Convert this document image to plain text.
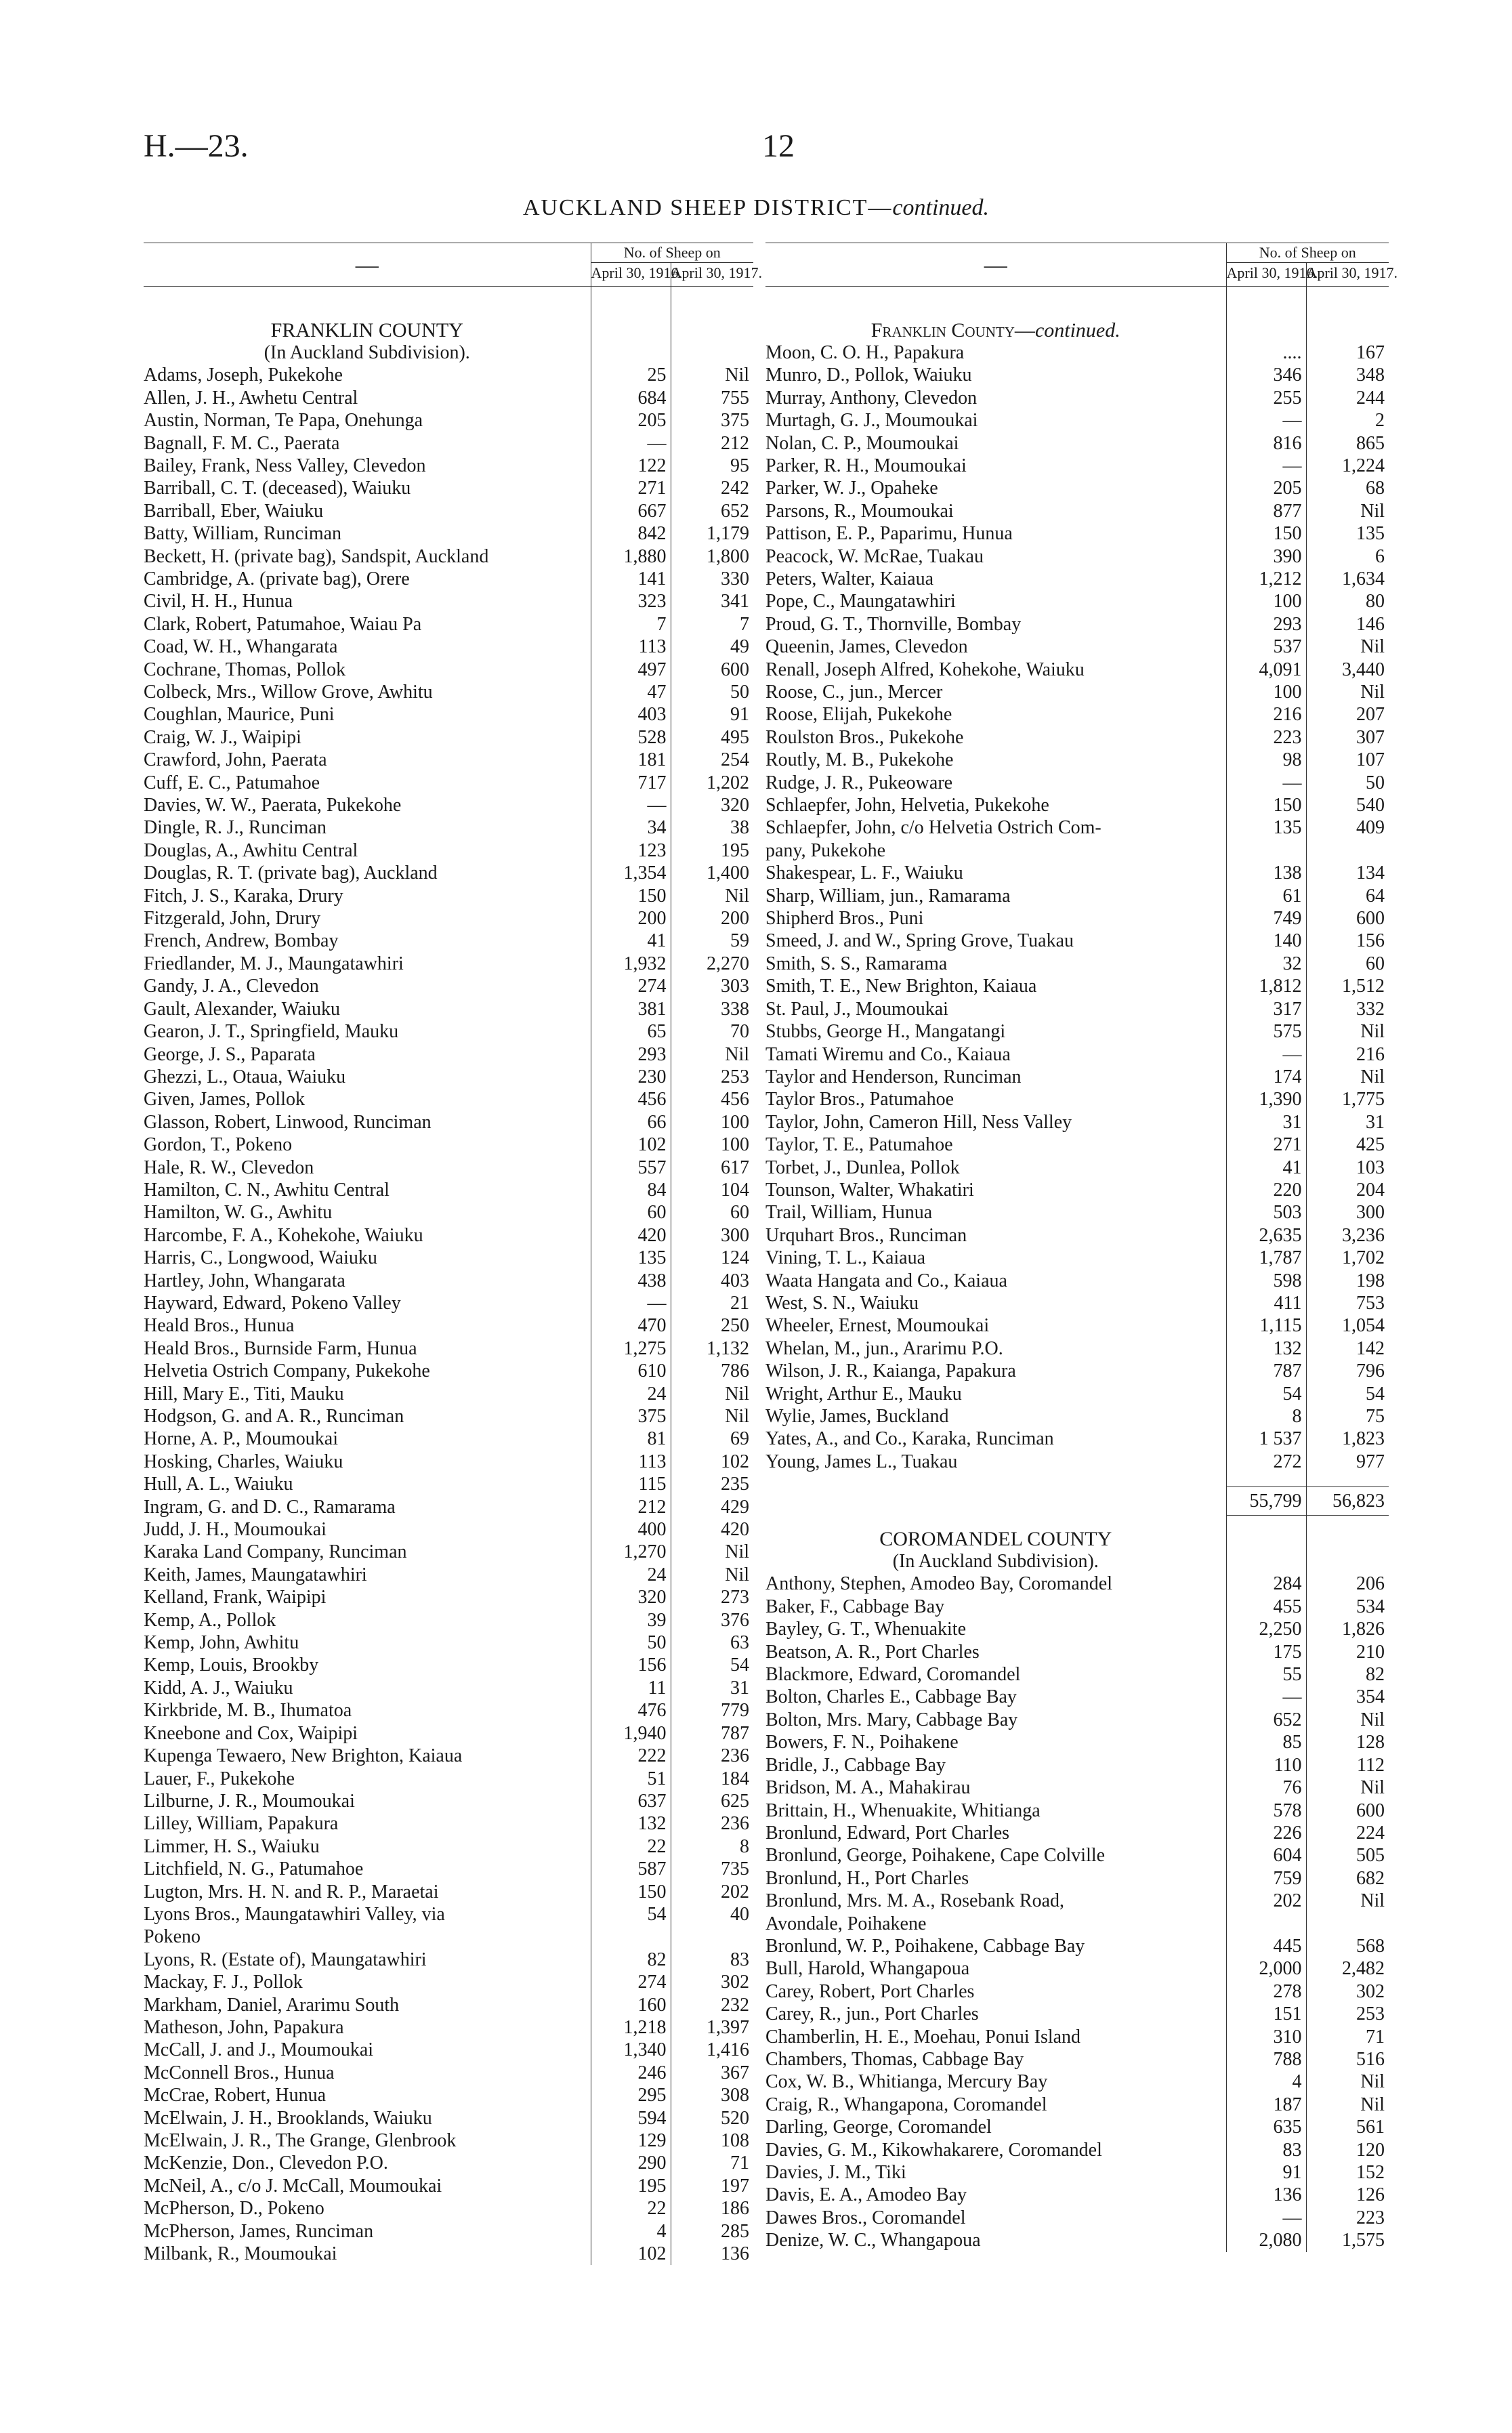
H.—23.	12
AUCKLAND SHEEP DISTRICT—continued.
—	No. of Sheep on	
	April 30, 1916.	April 30, 1917.

FRANKLIN COUNTY		
(In Auckland Subdivision).		
Adams, Joseph, Pukekohe	25	Nil
Allen, J. H., Awhetu Central	684	755
Austin, Norman, Te Papa, Onehunga	205	375
Bagnall, F. M. C., Paerata	—	212
Bailey, Frank, Ness Valley, Clevedon	122	95
Barriball, C. T. (deceased), Waiuku	271	242
Barriball, Eber, Waiuku	667	652
Batty, William, Runciman	842	1,179
Beckett, H. (private bag), Sandspit, Auckland	1,880	1,800
Cambridge, A. (private bag), Orere	141	330
Civil, H. H., Hunua	323	341
Clark, Robert, Patumahoe, Waiau Pa	7	7
Coad, W. H., Whangarata	113	49
Cochrane, Thomas, Pollok	497	600
Colbeck, Mrs., Willow Grove, Awhitu	47	50
Coughlan, Maurice, Puni	403	91
Craig, W. J., Waipipi	528	495
Crawford, John, Paerata	181	254
Cuff, E. C., Patumahoe	717	1,202
Davies, W. W., Paerata, Pukekohe	—	320
Dingle, R. J., Runciman	34	38
Douglas, A., Awhitu Central	123	195
Douglas, R. T. (private bag), Auckland	1,354	1,400
Fitch, J. S., Karaka, Drury	150	Nil
Fitzgerald, John, Drury	200	200
French, Andrew, Bombay	41	59
Friedlander, M. J., Maungatawhiri	1,932	2,270
Gandy, J. A., Clevedon	274	303
Gault, Alexander, Waiuku	381	338
Gearon, J. T., Springfield, Mauku	65	70
George, J. S., Paparata	293	Nil
Ghezzi, L., Otaua, Waiuku	230	253
Given, James, Pollok	456	456
Glasson, Robert, Linwood, Runciman	66	100
Gordon, T., Pokeno	102	100
Hale, R. W., Clevedon	557	617
Hamilton, C. N., Awhitu Central	84	104
Hamilton, W. G., Awhitu	60	60
Harcombe, F. A., Kohekohe, Waiuku	420	300
Harris, C., Longwood, Waiuku	135	124
Hartley, John, Whangarata	438	403
Hayward, Edward, Pokeno Valley	—	21
Heald Bros., Hunua	470	250
Heald Bros., Burnside Farm, Hunua	1,275	1,132
Helvetia Ostrich Company, Pukekohe	610	786
Hill, Mary E., Titi, Mauku	24	Nil
Hodgson, G. and A. R., Runciman	375	Nil
Horne, A. P., Moumoukai	81	69
Hosking, Charles, Waiuku	113	102
Hull, A. L., Waiuku	115	235
Ingram, G. and D. C., Ramarama	212	429
Judd, J. H., Moumoukai	400	420
Karaka Land Company, Runciman	1,270	Nil
Keith, James, Maungatawhiri	24	Nil
Kelland, Frank, Waipipi	320	273
Kemp, A., Pollok	39	376
Kemp, John, Awhitu	50	63
Kemp, Louis, Brookby	156	54
Kidd, A. J., Waiuku	11	31
Kirkbride, M. B., Ihumatoa	476	779
Kneebone and Cox, Waipipi	1,940	787
Kupenga Tewaero, New Brighton, Kaiaua	222	236
Lauer, F., Pukekohe	51	184
Lilburne, J. R., Moumoukai	637	625
Lilley, William, Papakura	132	236
Limmer, H. S., Waiuku	22	8
Litchfield, N. G., Patumahoe	587	735
Lugton, Mrs. H. N. and R. P., Maraetai	150	202
Lyons Bros., Maungatawhiri Valley, via	54	40
Pokeno		
Lyons, R. (Estate of), Maungatawhiri	82	83
Mackay, F. J., Pollok	274	302
Markham, Daniel, Ararimu South	160	232
Matheson, John, Papakura	1,218	1,397
McCall, J. and J., Moumoukai	1,340	1,416
McConnell Bros., Hunua	246	367
McCrae, Robert, Hunua	295	308
McElwain, J. H., Brooklands, Waiuku	594	520
McElwain, J. R., The Grange, Glenbrook	129	108
McKenzie, Don., Clevedon P.O.	290	71
McNeil, A., c/o J. McCall, Moumoukai	195	197
McPherson, D., Pokeno	22	186
McPherson, James, Runciman	4	285
Milbank, R., Moumoukai	102	136
—	No. of Sheep on	
	April 30, 1916.	April 30, 1917.

Franklin County—continued.		
Moon, C. O. H., Papakura	....	167
Munro, D., Pollok, Waiuku	346	348
Murray, Anthony, Clevedon	255	244
Murtagh, G. J., Moumoukai	—	2
Nolan, C. P., Moumoukai	816	865
Parker, R. H., Moumoukai	—	1,224
Parker, W. J., Opaheke	205	68
Parsons, R., Moumoukai	877	Nil
Pattison, E. P., Paparimu, Hunua	150	135
Peacock, W. McRae, Tuakau	390	6
Peters, Walter, Kaiaua	1,212	1,634
Pope, C., Maungatawhiri	100	80
Proud, G. T., Thornville, Bombay	293	146
Queenin, James, Clevedon	537	Nil
Renall, Joseph Alfred, Kohekohe, Waiuku	4,091	3,440
Roose, C., jun., Mercer	100	Nil
Roose, Elijah, Pukekohe	216	207
Roulston Bros., Pukekohe	223	307
Routly, M. B., Pukekohe	98	107
Rudge, J. R., Pukeoware	—	50
Schlaepfer, John, Helvetia, Pukekohe	150	540
Schlaepfer, John, c/o Helvetia Ostrich Com-	135	409
pany, Pukekohe		
Shakespear, L. F., Waiuku	138	134
Sharp, William, jun., Ramarama	61	64
Shipherd Bros., Puni	749	600
Smeed, J. and W., Spring Grove, Tuakau	140	156
Smith, S. S., Ramarama	32	60
Smith, T. E., New Brighton, Kaiaua	1,812	1,512
St. Paul, J., Moumoukai	317	332
Stubbs, George H., Mangatangi	575	Nil
Tamati Wiremu and Co., Kaiaua	—	216
Taylor and Henderson, Runciman	174	Nil
Taylor Bros., Patumahoe	1,390	1,775
Taylor, John, Cameron Hill, Ness Valley	31	31
Taylor, T. E., Patumahoe	271	425
Torbet, J., Dunlea, Pollok	41	103
Tounson, Walter, Whakatiri	220	204
Trail, William, Hunua	503	300
Urquhart Bros., Runciman	2,635	3,236
Vining, T. L., Kaiaua	1,787	1,702
Waata Hangata and Co., Kaiaua	598	198
West, S. N., Waiuku	411	753
Wheeler, Ernest, Moumoukai	1,115	1,054
Whelan, M., jun., Ararimu P.O.	132	142
Wilson, J. R., Kaianga, Papakura	787	796
Wright, Arthur E., Mauku	54	54
Wylie, James, Buckland	8	75
Yates, A., and Co., Karaka, Runciman	1 537	1,823
Young, James L., Tuakau	272	977

	55,799	56,823
COROMANDEL COUNTY		
(In Auckland Subdivision).		
Anthony, Stephen, Amodeo Bay, Coromandel	284	206
Baker, F., Cabbage Bay	455	534
Bayley, G. T., Whenuakite	2,250	1,826
Beatson, A. R., Port Charles	175	210
Blackmore, Edward, Coromandel	55	82
Bolton, Charles E., Cabbage Bay	—	354
Bolton, Mrs. Mary, Cabbage Bay	652	Nil
Bowers, F. N., Poihakene	85	128
Bridle, J., Cabbage Bay	110	112
Bridson, M. A., Mahakirau	76	Nil
Brittain, H., Whenuakite, Whitianga	578	600
Bronlund, Edward, Port Charles	226	224
Bronlund, George, Poihakene, Cape Colville	604	505
Bronlund, H., Port Charles	759	682
Bronlund, Mrs. M. A., Rosebank Road,	202	Nil
Avondale, Poihakene		
Bronlund, W. P., Poihakene, Cabbage Bay	445	568
Bull, Harold, Whangapoua	2,000	2,482
Carey, Robert, Port Charles	278	302
Carey, R., jun., Port Charles	151	253
Chamberlin, H. E., Moehau, Ponui Island	310	71
Chambers, Thomas, Cabbage Bay	788	516
Cox, W. B., Whitianga, Mercury Bay	4	Nil
Craig, R., Whangapona, Coromandel	187	Nil
Darling, George, Coromandel	635	561
Davies, G. M., Kikowhakarere, Coromandel	83	120
Davies, J. M., Tiki	91	152
Davis, E. A., Amodeo Bay	136	126
Dawes Bros., Coromandel	—	223
Denize, W. C., Whangapoua	2,080	1,575
